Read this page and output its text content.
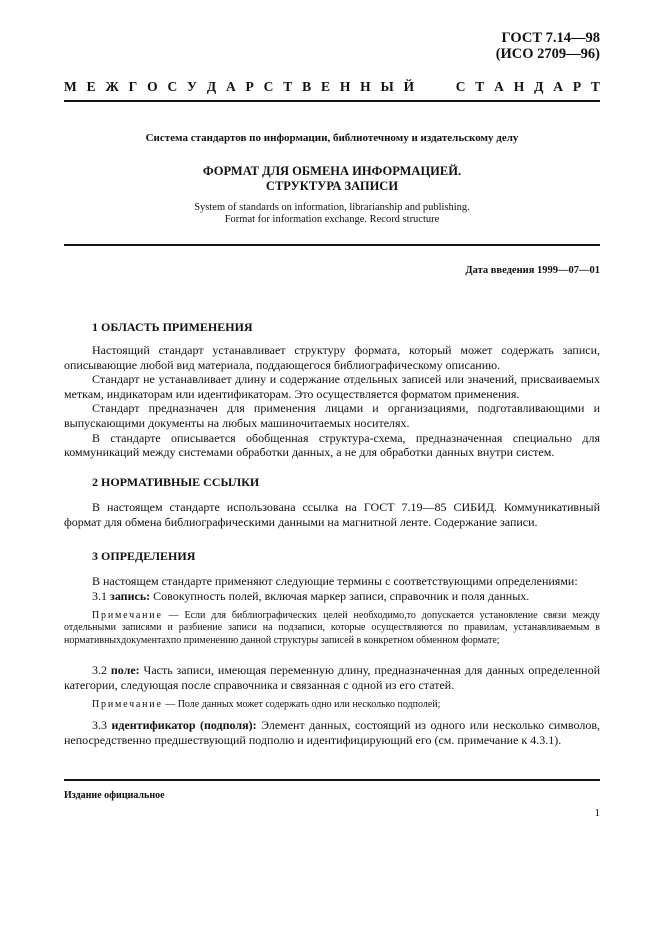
ГОСТ 7.14—98
(ИСО 2709—96)
М Е Ж Г О С У Д А Р С Т В Е Н Н Ы Й	С Т А Н Д А Р Т
Система стандартов по информации, библиотечному и издательскому делу
ФОРМАТ ДЛЯ ОБМЕНА ИНФОРМАЦИЕЙ.
СТРУКТУРА ЗАПИСИ
System of standards on information, librarianship and publishing.
Format for information exchange. Record structure
Дата введения 1999—07—01
1 ОБЛАСТЬ ПРИМЕНЕНИЯ

Настоящий стандарт устанавливает структуру формата, который может содержать записи, описывающие любой вид материала, поддающегося библиографическому описанию.

Стандарт не устанавливает длину и содержание отдельных записей или значений, присваиваемых меткам, индикаторам или идентификаторам. Это осуществляется форматом применения.

Стандарт предназначен для применения лицами и организациями, подготавливающими и выпускающими документы на любых машиночитаемых носителях.

В стандарте описывается обобщенная структура-схема, предназначенная специально для коммуникаций между системами обработки данных, а не для обработки данных внутри систем.

2 НОРМАТИВНЫЕ ССЫЛКИ

В настоящем стандарте использована ссылка на ГОСТ 7.19—85 СИБИД. Коммуникативный формат для обмена библиографическими данными на магнитной ленте. Содержание записи.

3 ОПРЕДЕЛЕНИЯ

В настоящем стандарте применяют следующие термины с соответствующими определениями:

3.1 запись: Совокупность полей, включая маркер записи, справочник и поля данных.

Примечание — Если для библиографических целей необходимо,то допускается установление связи между отдельными записями и разбиение записи на подзаписи, которые осуществляются по правилам, устанавливаемым в нормативныхдокументахпо применению данной структуры записей в конкретном обменном формате;

3.2 поле: Часть записи, имеющая переменную длину, предназначенная для данных определенной категории, следующая после справочника и связанная с одной из его статей.

Примечание — Поле данных может содержать одно или несколько подполей;

3.3 идентификатор (подполя): Элемент данных, состоящий из одного или несколько символов, непосредственно предшествующий подполю и идентифицирующий его (см. примечание к 4.3.1).

Издание официальное
1
